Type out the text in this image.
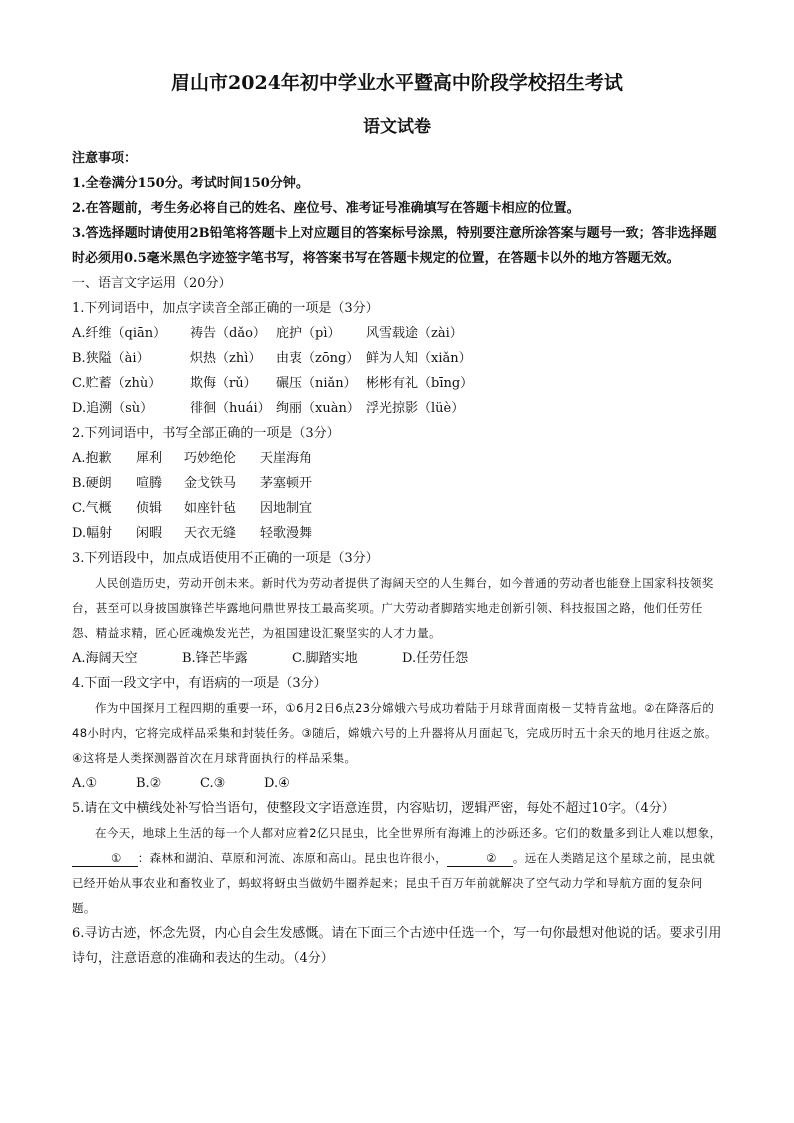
眉山市2024年初中学业水平暨高中阶段学校招生考试
语文试卷
注意事项：
1.全卷满分150分。考试时间150分钟。
2.在答题前，考生务必将自己的姓名、座位号、准考证号准确填写在答题卡相应的位置。
3.答选择题时请使用2B铅笔将答题卡上对应题目的答案标号涂黑，特别要注意所涂答案与题号一致；答非选择题时必须用0.5毫米黑色字迹签字笔书写，将答案书写在答题卡规定的位置，在答题卡以外的地方答题无效。
一、语言文字运用（20分）
1.下列词语中，加点字读音全部正确的一项是（3分）
A.纤维（qiān）	祷告（dǎo） 庇护（pì）	风雪载途（zài）
B.狭隘（ài）	炽热（zhì）	由衷（zōng） 鲜为人知（xiǎn）
C.贮蓄（zhù）	欺侮（rǔ）	碾压（niǎn） 彬彬有礼（bīng）
D.追溯（sù）	徘徊（huái） 绚丽（xuàn） 浮光掠影（lüè）
2.下列词语中，书写全部正确的一项是（3分）
A.抱歉	犀利	巧妙绝伦	天崖海角
B.硬朗	喧腾	金戈铁马	茅塞顿开
C.气概	侦辑	如座针毡	因地制宜
D.幅射	闲暇	天衣无缝	轻歌漫舞
3.下列语段中，加点成语使用不正确的一项是（3分）
人民创造历史，劳动开创未来。新时代为劳动者提供了海阔天空的人生舞台，如今普通的劳动者也能登上国家科技领奖台，甚至可以身披国旗锋芒毕露地问鼎世界技工最高奖项。广大劳动者脚踏实地走创新引领、科技报国之路，他们任劳任怨、精益求精，匠心匠魂焕发光芒，为祖国建设汇聚坚实的人才力量。
A.海阔天空	B.锋芒毕露	C.脚踏实地	D.任劳任怨
4.下面一段文字中，有语病的一项是（3分）
作为中国探月工程四期的重要一环，①6月2日6点23分嫦娥六号成功着陆于月球背面南极－艾特肯盆地。②在降落后的48小时内，它将完成样品采集和封装任务。③随后，嫦娥六号的上升器将从月面起飞，完成历时五十余天的地月往返之旅。④这将是人类探测器首次在月球背面执行的样品采集。
A.①	B.②	C.③	D.④
5.请在文中横线处补写恰当语句，使整段文字语意连贯，内容贴切，逻辑严密，每处不超过10字。（4分）
在今天，地球上生活的每一个人都对应着2亿只昆虫，比全世界所有海滩上的沙砾还多。它们的数量多到让人难以想象，① ：森林和湖泊、草原和河流、冻原和高山。昆虫也许很小，	② 。远在人类踏足这个星球之前，昆虫就已经开始从事农业和畜牧业了，蚂蚁将蚜虫当做奶牛圈养起来；昆虫千百万年前就解决了空气动力学和导航方面的复杂问题。
6.寻访古迹，怀念先贤，内心自会生发感慨。请在下面三个古迹中任选一个，写一句你最想对他说的话。要求引用诗句，注意语意的准确和表达的生动。（4分）
